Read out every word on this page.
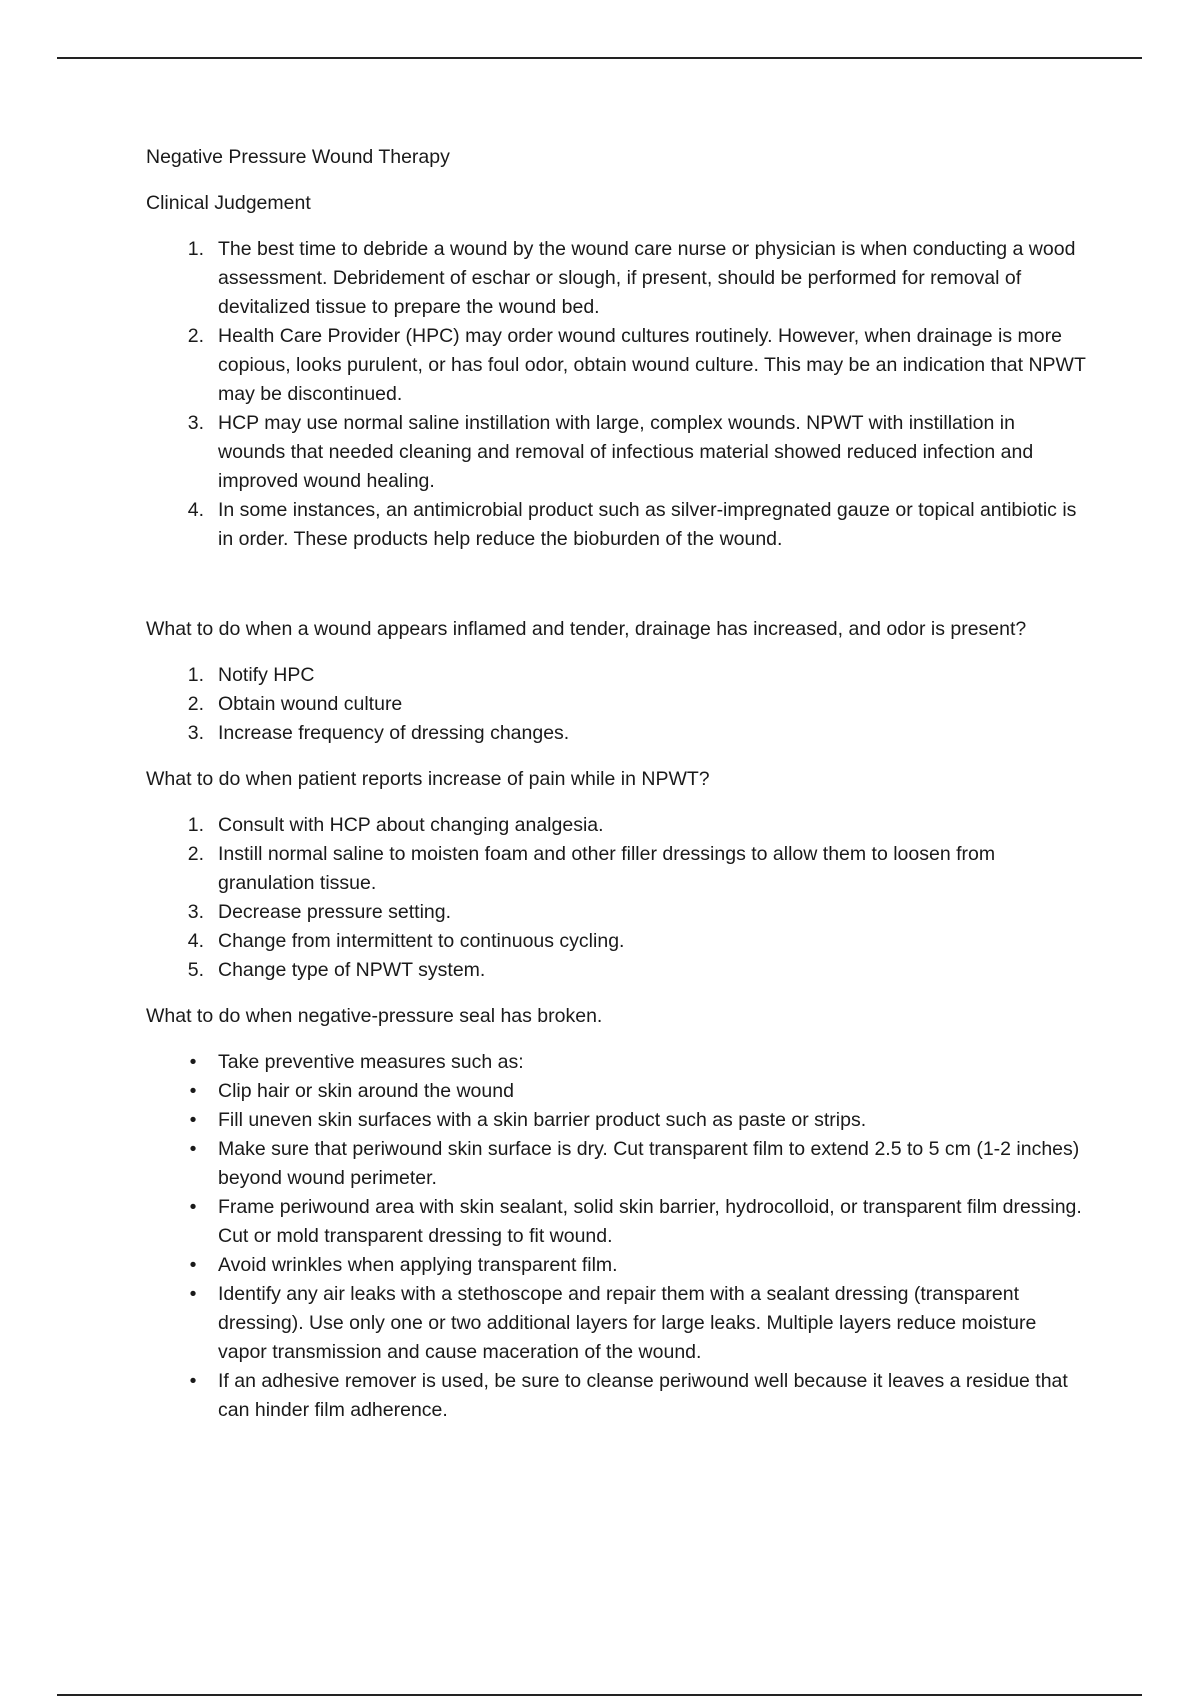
Negative Pressure Wound Therapy

Clinical Judgement

1. The best time to debride a wound by the wound care nurse or physician is when conducting a wood assessment. Debridement of eschar or slough, if present, should be performed for removal of devitalized tissue to prepare the wound bed.
2. Health Care Provider (HPC) may order wound cultures routinely. However, when drainage is more copious, looks purulent, or has foul odor, obtain wound culture. This may be an indication that NPWT may be discontinued.
3. HCP may use normal saline instillation with large, complex wounds. NPWT with instillation in wounds that needed cleaning and removal of infectious material showed reduced infection and improved wound healing.
4. In some instances, an antimicrobial product such as silver-impregnated gauze or topical antibiotic is in order. These products help reduce the bioburden of the wound.

What to do when a wound appears inflamed and tender, drainage has increased, and odor is present?

1. Notify HPC
2. Obtain wound culture
3. Increase frequency of dressing changes.

What to do when patient reports increase of pain while in NPWT?

1. Consult with HCP about changing analgesia.
2. Instill normal saline to moisten foam and other filler dressings to allow them to loosen from granulation tissue.
3. Decrease pressure setting.
4. Change from intermittent to continuous cycling.
5. Change type of NPWT system.

What to do when negative-pressure seal has broken.

•	Take preventive measures such as:
•	Clip hair or skin around the wound
•	Fill uneven skin surfaces with a skin barrier product such as paste or strips.
•	Make sure that periwound skin surface is dry. Cut transparent film to extend 2.5 to 5 cm (1-2 inches) beyond wound perimeter.
•	Frame periwound area with skin sealant, solid skin barrier, hydrocolloid, or transparent film dressing. Cut or mold transparent dressing to fit wound.
•	Avoid wrinkles when applying transparent film.
•	Identify any air leaks with a stethoscope and repair them with a sealant dressing (transparent dressing). Use only one or two additional layers for large leaks. Multiple layers reduce moisture vapor transmission and cause maceration of the wound.
•	If an adhesive remover is used, be sure to cleanse periwound well because it leaves a residue that can hinder film adherence.
